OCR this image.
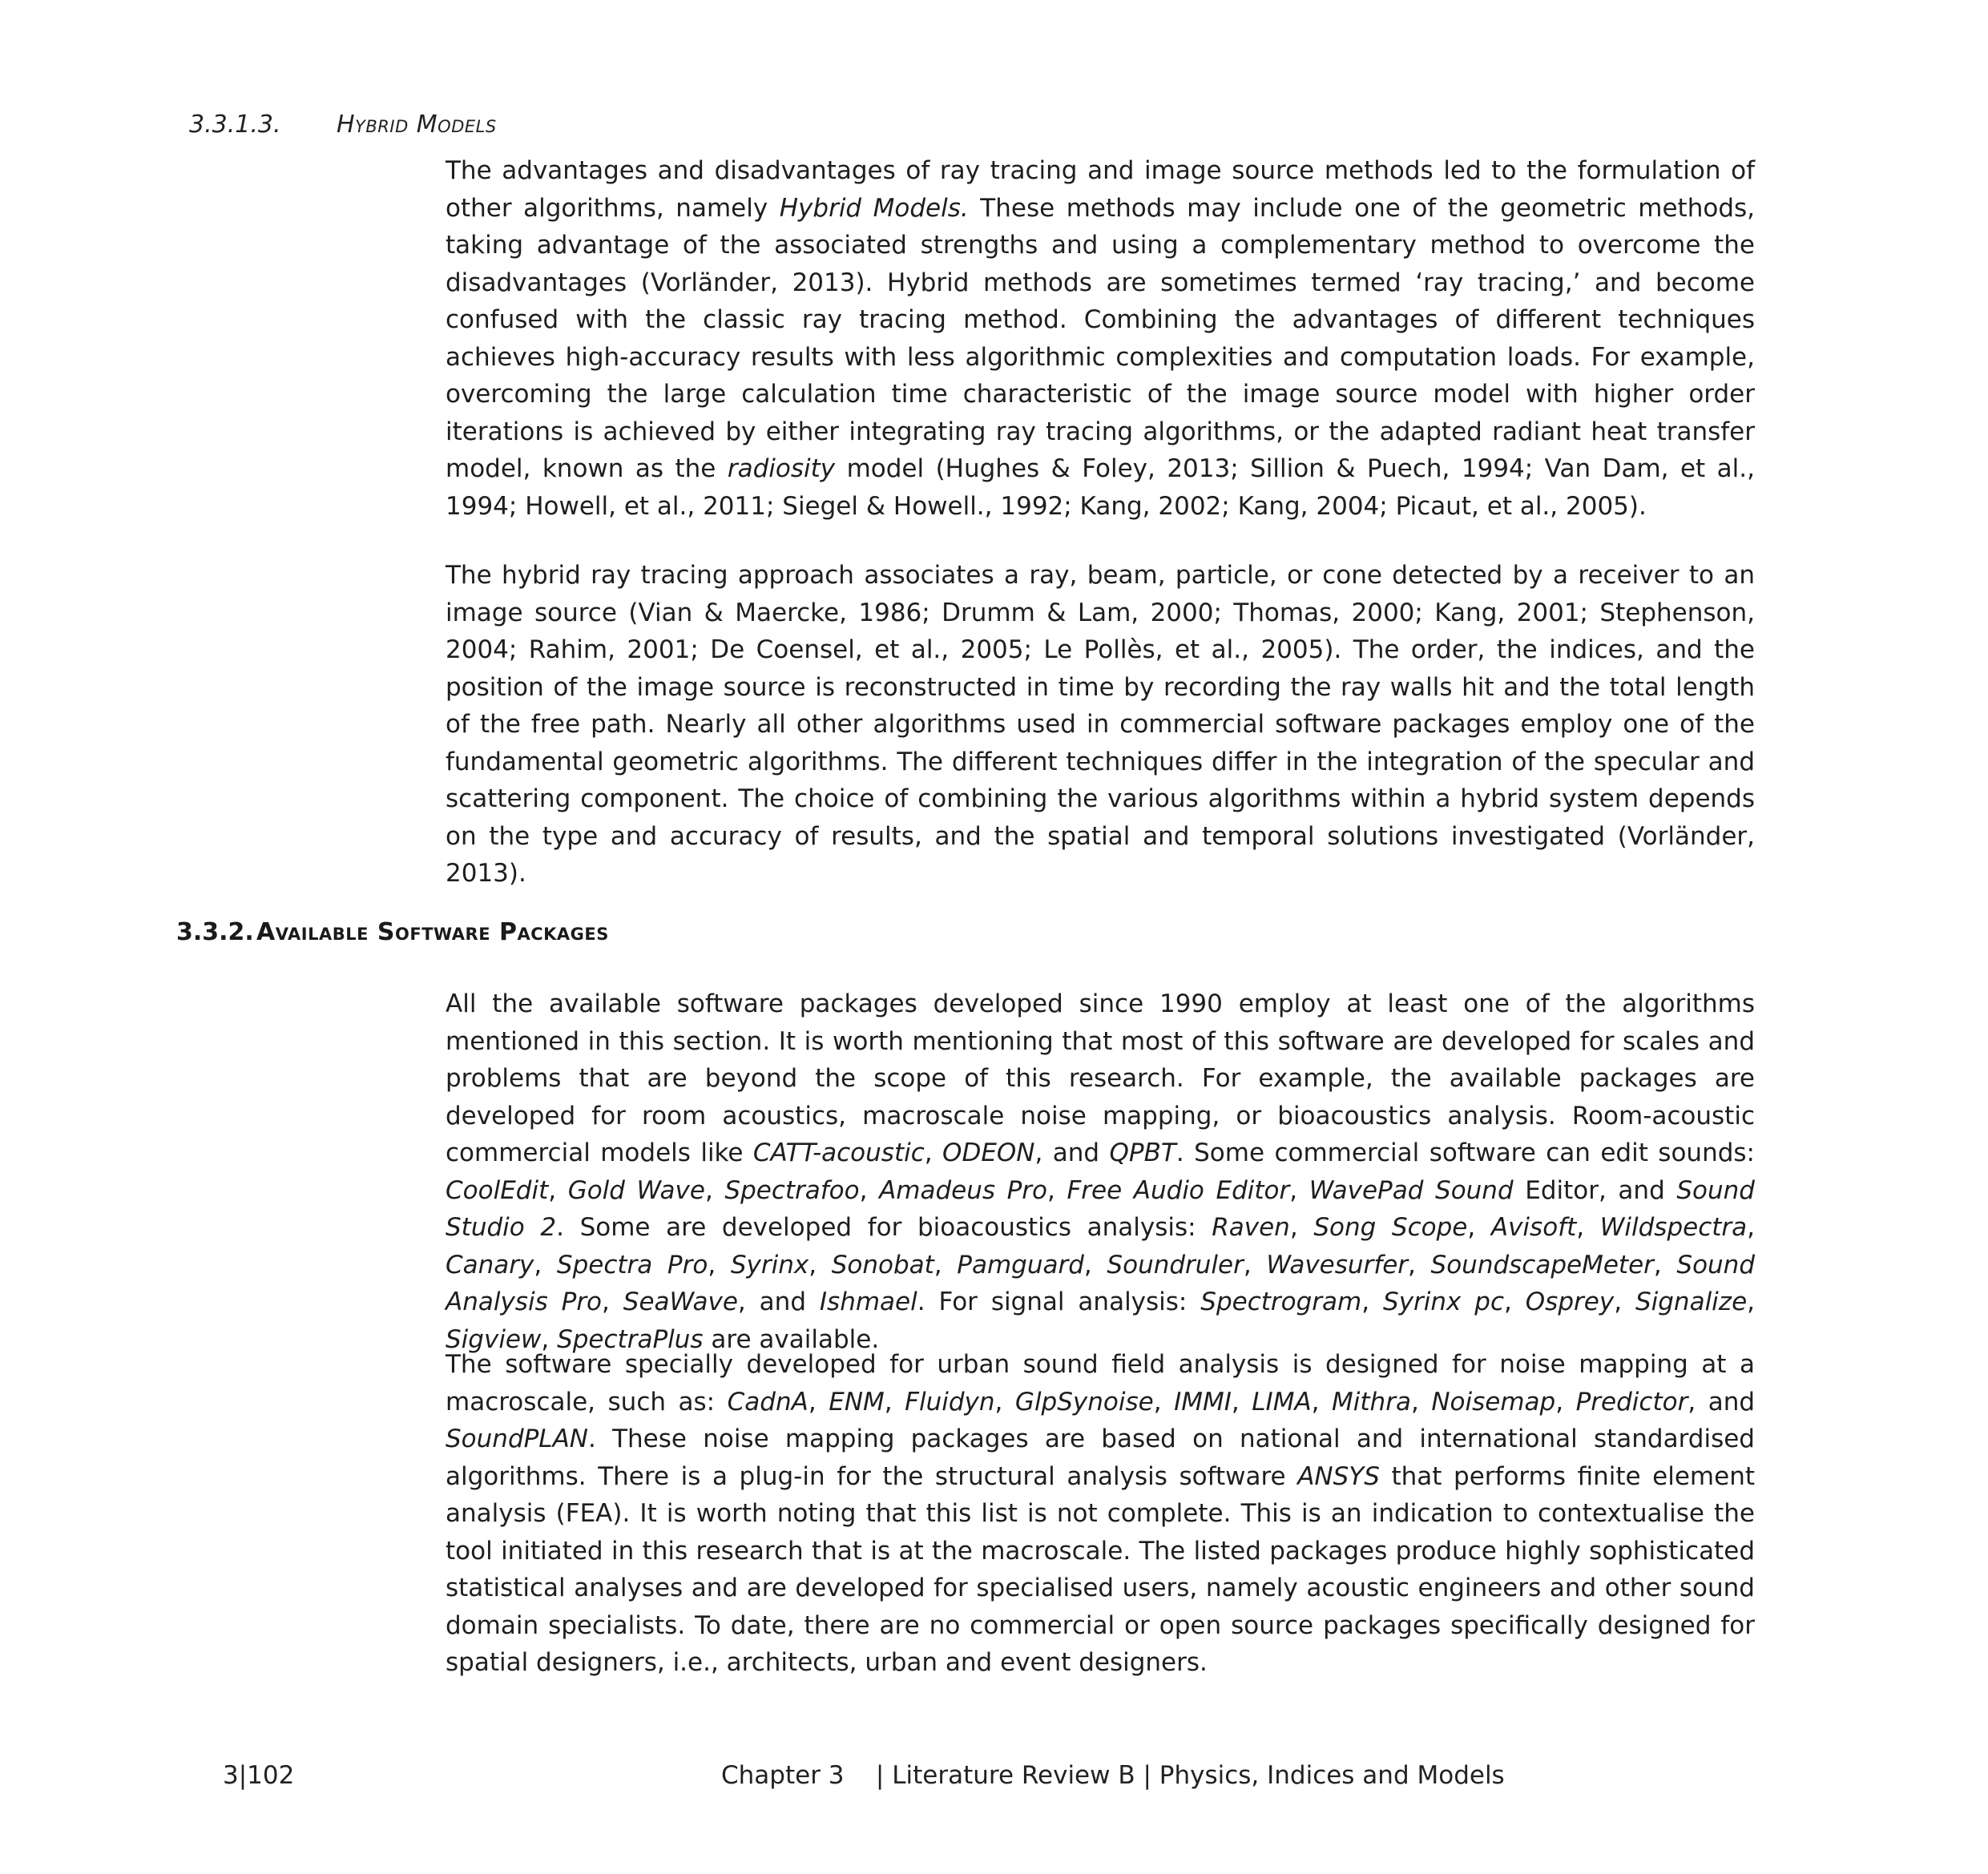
3.3.1.3.	Hybrid Models

The advantages and disadvantages of ray tracing and image source methods led to the formulation of other algorithms, namely Hybrid Models. These methods may include one of the geometric methods, taking advantage of the associated strengths and using a complementary method to overcome the disadvantages (Vorländer, 2013). Hybrid methods are sometimes termed ‘ray tracing,’ and become confused with the classic ray tracing method. Combining the advantages of different techniques achieves high-accuracy results with less algorithmic complexities and computation loads. For example, overcoming the large calculation time characteristic of the image source model with higher order iterations is achieved by either integrating ray tracing algorithms, or the adapted radiant heat transfer model, known as the radiosity model (Hughes & Foley, 2013; Sillion & Puech, 1994; Van Dam, et al., 1994; Howell, et al., 2011; Siegel & Howell., 1992; Kang, 2002; Kang, 2004; Picaut, et al., 2005).

The hybrid ray tracing approach associates a ray, beam, particle, or cone detected by a receiver to an image source (Vian & Maercke, 1986; Drumm & Lam, 2000; Thomas, 2000; Kang, 2001; Stephenson, 2004; Rahim, 2001; De Coensel, et al., 2005; Le Pollès, et al., 2005). The order, the indices, and the position of the image source is reconstructed in time by recording the ray walls hit and the total length of the free path. Nearly all other algorithms used in commercial software packages employ one of the fundamental geometric algorithms. The different techniques differ in the integration of the specular and scattering component. The choice of combining the various algorithms within a hybrid system depends on the type and accuracy of results, and the spatial and temporal solutions investigated (Vorländer, 2013).

3.3.2. Available Software Packages

All the available software packages developed since 1990 employ at least one of the algorithms mentioned in this section. It is worth mentioning that most of this software are developed for scales and problems that are beyond the scope of this research. For example, the available packages are developed for room acoustics, macroscale noise mapping, or bioacoustics analysis. Room-acoustic commercial models like CATT-acoustic, ODEON, and QPBT. Some commercial software can edit sounds: CoolEdit, Gold Wave, Spectrafoo, Amadeus Pro, Free Audio Editor, WavePad Sound Editor, and Sound Studio 2. Some are developed for bioacoustics analysis: Raven, Song Scope, Avisoft, Wildspectra, Canary, Spectra Pro, Syrinx, Sonobat, Pamguard, Soundruler, Wavesurfer, SoundscapeMeter, Sound Analysis Pro, SeaWave, and Ishmael. For signal analysis: Spectrogram, Syrinx pc, Osprey, Signalize, Sigview, SpectraPlus are available.

The software specially developed for urban sound field analysis is designed for noise mapping at a macroscale, such as: CadnA, ENM, Fluidyn, GlpSynoise, IMMI, LIMA, Mithra, Noisemap, Predictor, and SoundPLAN. These noise mapping packages are based on national and international standardised algorithms. There is a plug-in for the structural analysis software ANSYS that performs finite element analysis (FEA). It is worth noting that this list is not complete. This is an indication to contextualise the tool initiated in this research that is at the macroscale. The listed packages produce highly sophisticated statistical analyses and are developed for specialised users, namely acoustic engineers and other sound domain specialists. To date, there are no commercial or open source packages specifically designed for spatial designers, i.e., architects, urban and event designers.

3|102	Chapter 3    | Literature Review B | Physics, Indices and Models
